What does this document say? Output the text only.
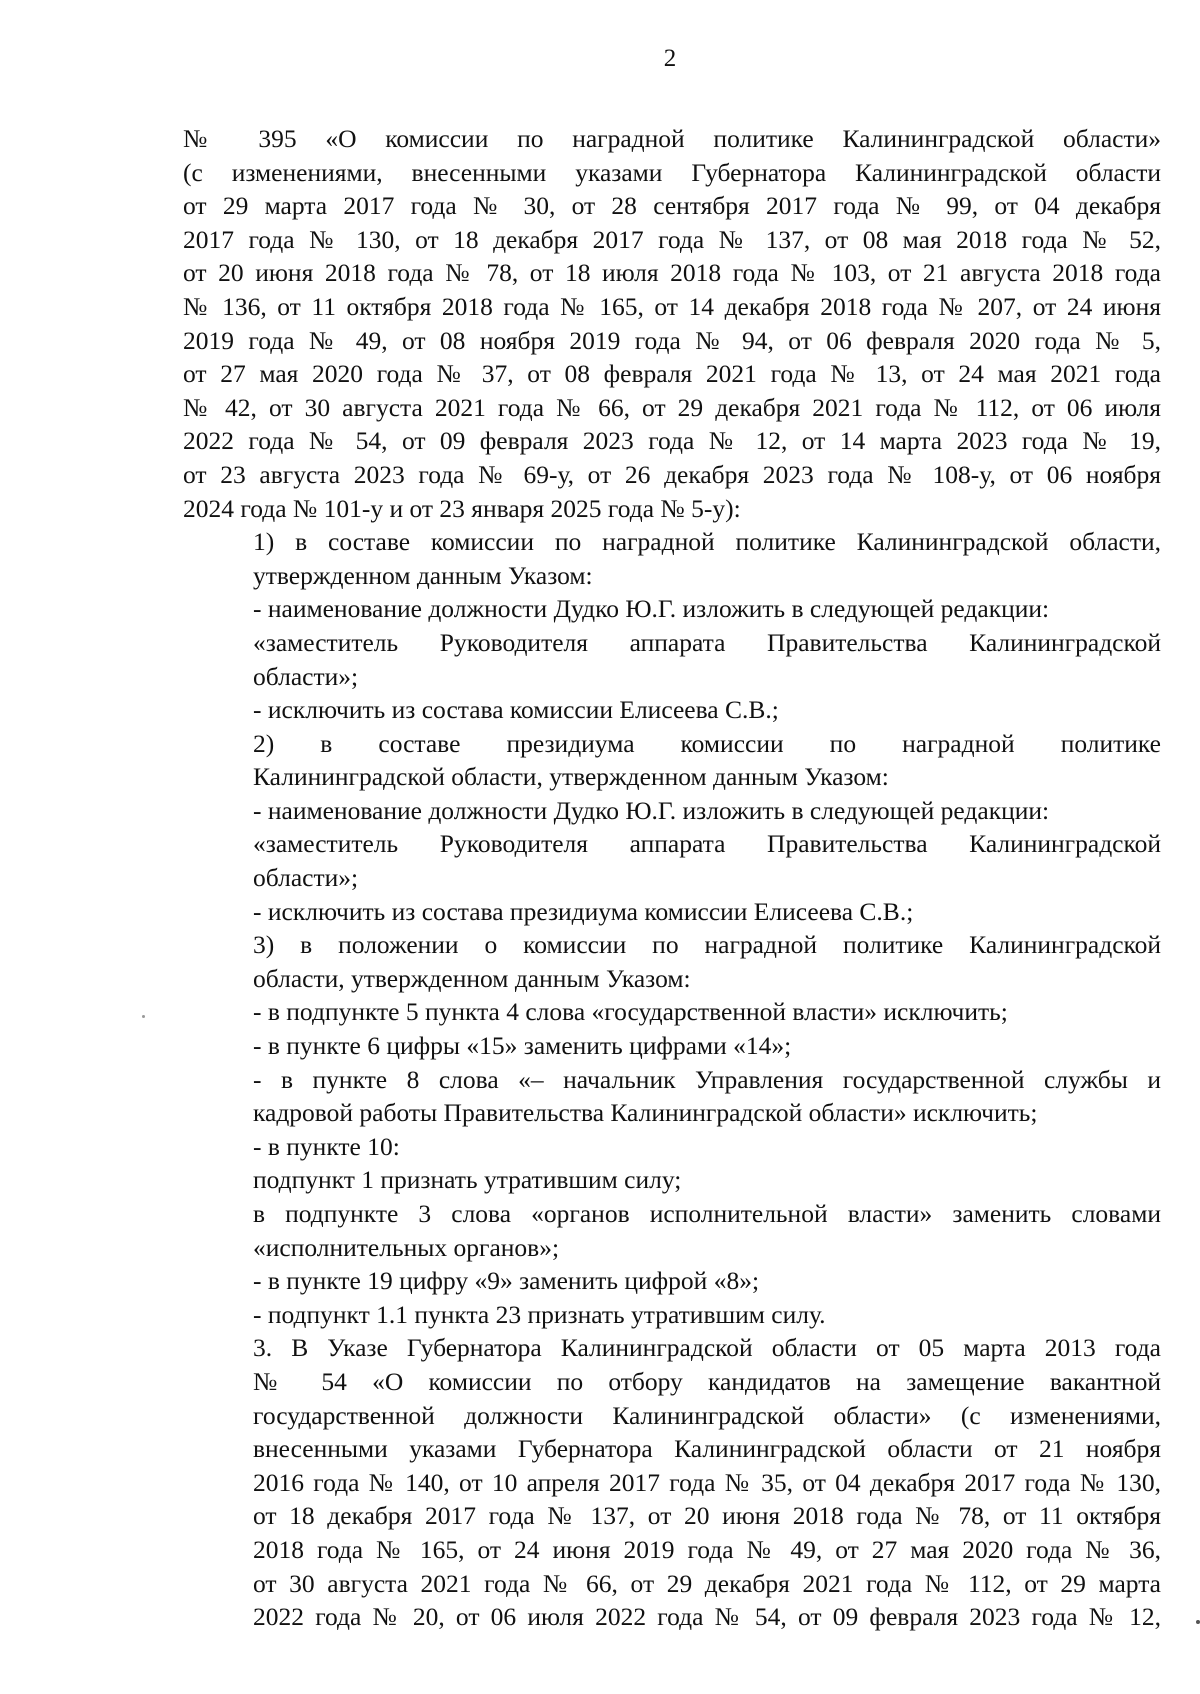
2

№ 395 «О комиссии по наградной политике Калининградской области»
(с изменениями, внесенными указами Губернатора Калининградской области
от 29 марта 2017 года № 30, от 28 сентября 2017 года № 99, от 04 декабря
2017 года № 130, от 18 декабря 2017 года № 137, от 08 мая 2018 года № 52,
от 20 июня 2018 года № 78, от 18 июля 2018 года № 103, от 21 августа 2018 года
№ 136, от 11 октября 2018 года № 165, от 14 декабря 2018 года № 207, от 24 июня
2019 года № 49, от 08 ноября 2019 года № 94, от 06 февраля 2020 года № 5,
от 27 мая 2020 года № 37, от 08 февраля 2021 года № 13, от 24 мая 2021 года
№ 42, от 30 августа 2021 года № 66, от 29 декабря 2021 года № 112, от 06 июля
2022 года № 54, от 09 февраля 2023 года № 12, от 14 марта 2023 года № 19,
от 23 августа 2023 года № 69-у, от 26 декабря 2023 года № 108-у, от 06 ноября
2024 года № 101-у и от 23 января 2025 года № 5-у):

1) в составе комиссии по наградной политике Калининградской области,
утвержденном данным Указом:

- наименование должности Дудко Ю.Г. изложить в следующей редакции:

«заместитель Руководителя аппарата Правительства Калининградской
области»;

- исключить из состава комиссии Елисеева С.В.;

2) в составе президиума комиссии по наградной политике
Калининградской области, утвержденном данным Указом:

- наименование должности Дудко Ю.Г. изложить в следующей редакции:

«заместитель Руководителя аппарата Правительства Калининградской
области»;

- исключить из состава президиума комиссии Елисеева С.В.;

3) в положении о комиссии по наградной политике Калининградской
области, утвержденном данным Указом:

- в подпункте 5 пункта 4 слова «государственной власти» исключить;

- в пункте 6 цифры «15» заменить цифрами «14»;

- в пункте 8 слова «– начальник Управления государственной службы и
кадровой работы Правительства Калининградской области» исключить;

- в пункте 10:

подпункт 1 признать утратившим силу;

в подпункте 3 слова «органов исполнительной власти» заменить словами
«исполнительных органов»;

- в пункте 19 цифру «9» заменить цифрой «8»;

- подпункт 1.1 пункта 23 признать утратившим силу.

3. В Указе Губернатора Калининградской области от 05 марта 2013 года
№ 54 «О комиссии по отбору кандидатов на замещение вакантной
государственной должности Калининградской области» (с изменениями,
внесенными указами Губернатора Калининградской области от 21 ноября
2016 года № 140, от 10 апреля 2017 года № 35, от 04 декабря 2017 года № 130,
от 18 декабря 2017 года № 137, от 20 июня 2018 года № 78, от 11 октября
2018 года № 165, от 24 июня 2019 года № 49, от 27 мая 2020 года № 36,
от 30 августа 2021 года № 66, от 29 декабря 2021 года № 112, от 29 марта
2022 года № 20, от 06 июля 2022 года № 54, от 09 февраля 2023 года № 12,
